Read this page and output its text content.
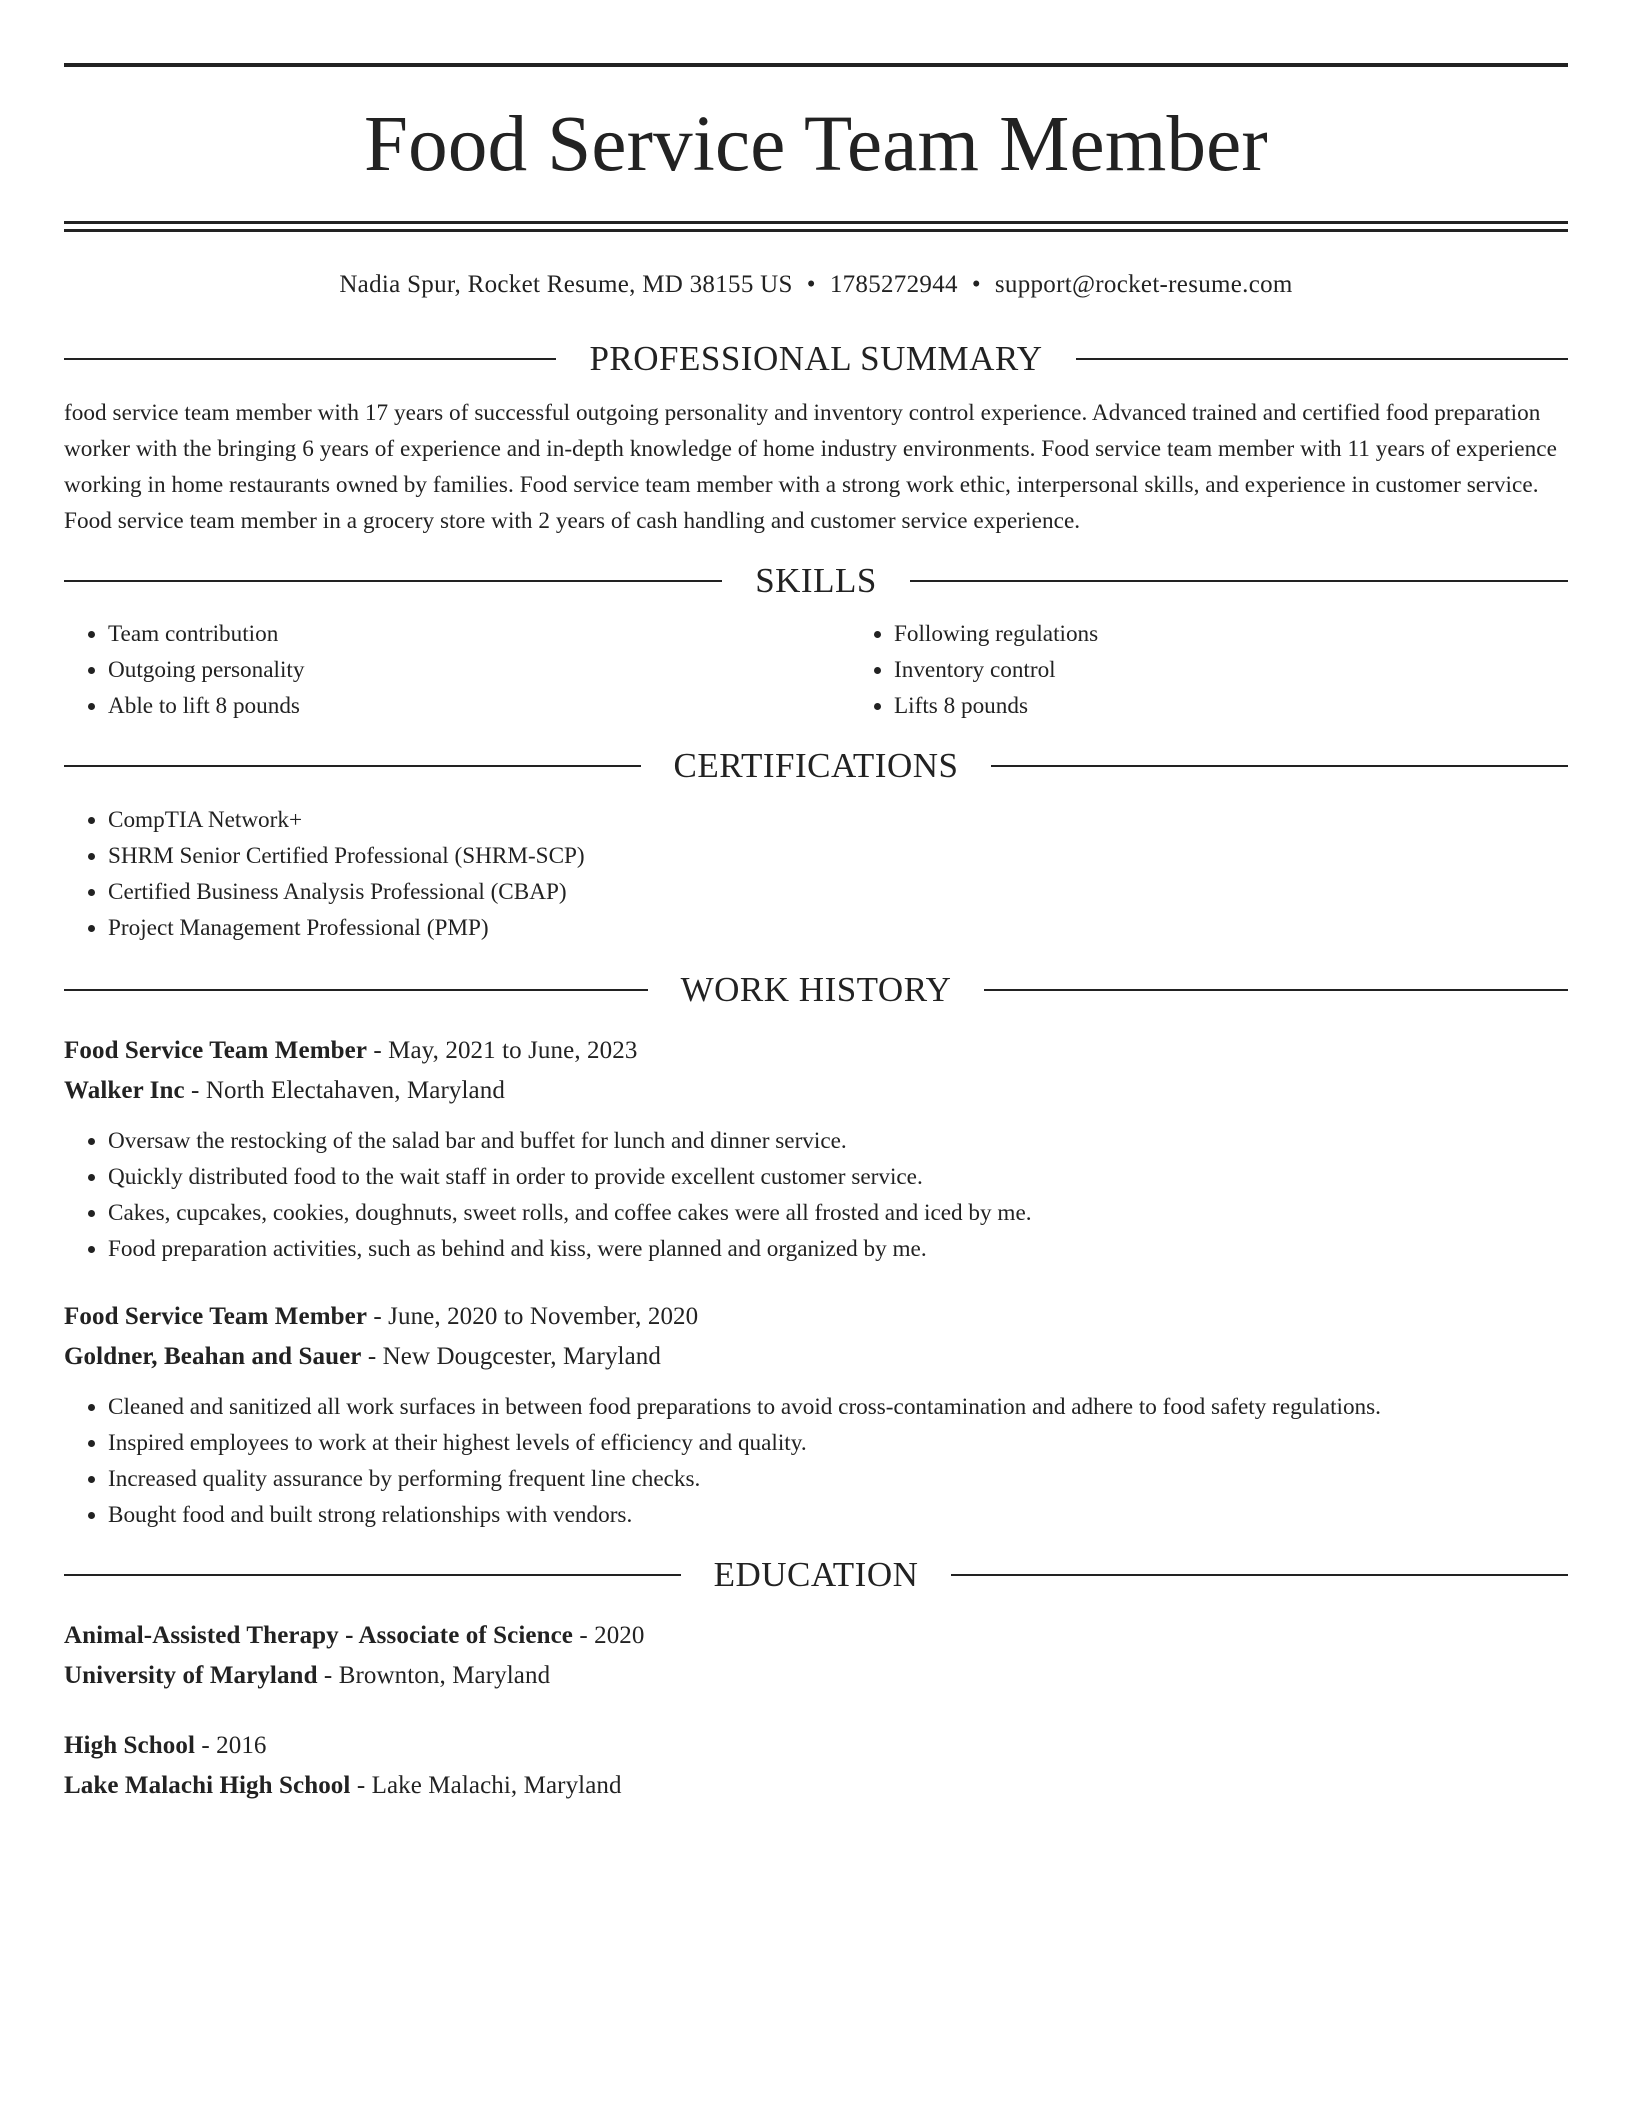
Food Service Team Member
Nadia Spur, Rocket Resume, MD 38155 US • 1785272944 • support@rocket-resume.com
PROFESSIONAL SUMMARY
food service team member with 17 years of successful outgoing personality and inventory control experience. Advanced trained and certified food preparation worker with the bringing 6 years of experience and in-depth knowledge of home industry environments. Food service team member with 11 years of experience working in home restaurants owned by families. Food service team member with a strong work ethic, interpersonal skills, and experience in customer service. Food service team member in a grocery store with 2 years of cash handling and customer service experience.
SKILLS
• Team contribution
• Outgoing personality
• Able to lift 8 pounds
• Following regulations
• Inventory control
• Lifts 8 pounds
CERTIFICATIONS
• CompTIA Network+
• SHRM Senior Certified Professional (SHRM-SCP)
• Certified Business Analysis Professional (CBAP)
• Project Management Professional (PMP)
WORK HISTORY
Food Service Team Member - May, 2021 to June, 2023
Walker Inc - North Electahaven, Maryland
• Oversaw the restocking of the salad bar and buffet for lunch and dinner service.
• Quickly distributed food to the wait staff in order to provide excellent customer service.
• Cakes, cupcakes, cookies, doughnuts, sweet rolls, and coffee cakes were all frosted and iced by me.
• Food preparation activities, such as behind and kiss, were planned and organized by me.
Food Service Team Member - June, 2020 to November, 2020
Goldner, Beahan and Sauer - New Dougcester, Maryland
• Cleaned and sanitized all work surfaces in between food preparations to avoid cross-contamination and adhere to food safety regulations.
• Inspired employees to work at their highest levels of efficiency and quality.
• Increased quality assurance by performing frequent line checks.
• Bought food and built strong relationships with vendors.
EDUCATION
Animal-Assisted Therapy - Associate of Science - 2020
University of Maryland - Brownton, Maryland
High School - 2016
Lake Malachi High School - Lake Malachi, Maryland
